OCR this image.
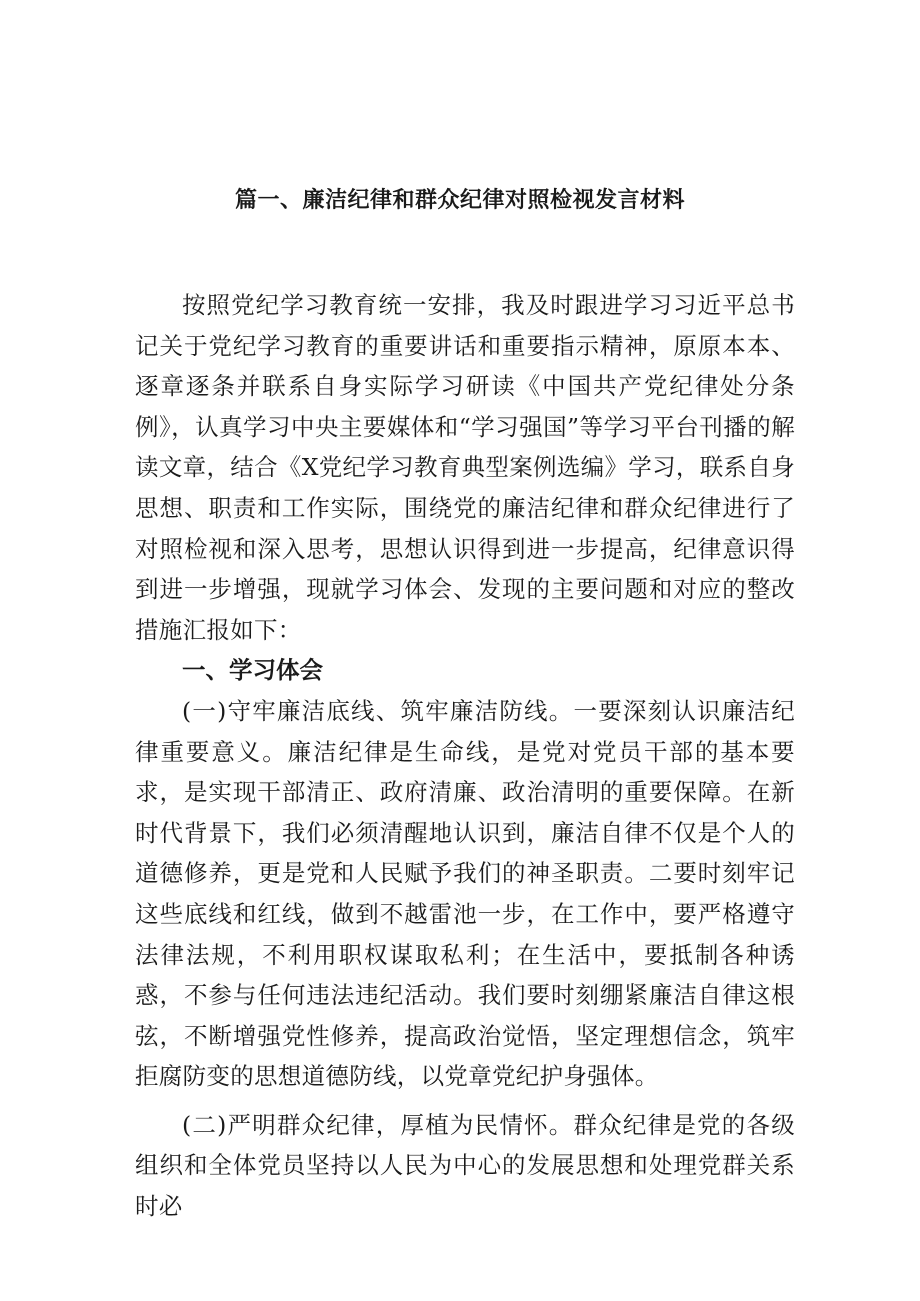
篇一、廉洁纪律和群众纪律对照检视发言材料

按照党纪学习教育统一安排，我及时跟进学习习近平总书记关于党纪学习教育的重要讲话和重要指示精神，原原本本、逐章逐条并联系自身实际学习研读《中国共产党纪律处分条例》，认真学习中央主要媒体和“学习强国”等学习平台刊播的解读文章，结合《X党纪学习教育典型案例选编》学习，联系自身思想、职责和工作实际，围绕党的廉洁纪律和群众纪律进行了对照检视和深入思考，思想认识得到进一步提高，纪律意识得到进一步增强，现就学习体会、发现的主要问题和对应的整改措施汇报如下：

一、学习体会

(一)守牢廉洁底线、筑牢廉洁防线。一要深刻认识廉洁纪律重要意义。廉洁纪律是生命线，是党对党员干部的基本要求，是实现干部清正、政府清廉、政治清明的重要保障。在新时代背景下，我们必须清醒地认识到，廉洁自律不仅是个人的道德修养，更是党和人民赋予我们的神圣职责。二要时刻牢记这些底线和红线，做到不越雷池一步，在工作中，要严格遵守法律法规，不利用职权谋取私利；在生活中，要抵制各种诱惑，不参与任何违法违纪活动。我们要时刻绷紧廉洁自律这根弦，不断增强党性修养，提高政治觉悟，坚定理想信念，筑牢拒腐防变的思想道德防线，以党章党纪护身强体。

(二)严明群众纪律，厚植为民情怀。群众纪律是党的各级组织和全体党员坚持以人民为中心的发展思想和处理党群关系时必
